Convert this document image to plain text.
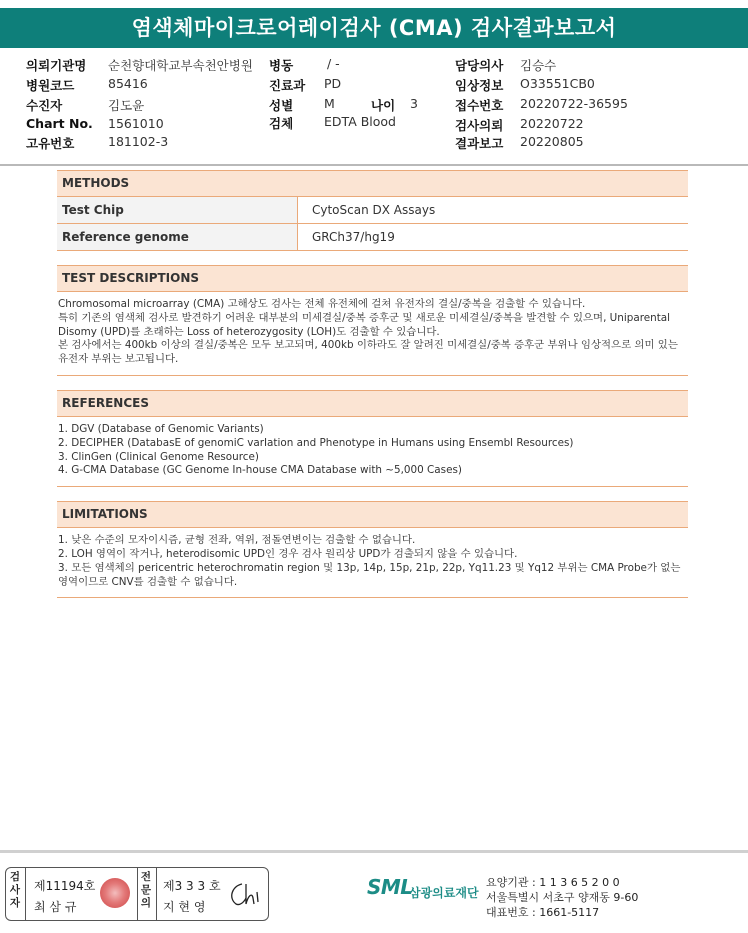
염색체마이크로어레이검사 (CMA) 검사결과보고서
의뢰기관명 순천향대학교부속천안병원
병원코드	85416
수진자	김도윤
Chart No. 1561010
고유번호	181102-3
병동	/ -
진료과 PD
성별 M	나이 3
검체 EDTA Blood
담당의사 김승수
임상정보 O33551CB0
접수번호 20220722-36595
검사의뢰 20220722
결과보고 20220805
METHODS
Test Chip	CytoScan DX Assays
Reference genome	GRCh37/hg19
TEST DESCRIPTIONS

Chromosomal microarray (CMA) 고해상도 검사는 전체 유전체에 걸쳐 유전자의 결실/중복을 검출할 수 있습니다.

특히 기존의 염색체 검사로 발견하기 어려운 대부분의 미세결실/중복 증후군 및 새로운 미세결실/중복을 발견할 수 있으며, Uniparental Disomy (UPD)를 초래하는 Loss of heterozygosity (LOH)도 검출할 수 있습니다.

본 검사에서는 400kb 이상의 결실/중복은 모두 보고되며, 400kb 이하라도 잘 알려진 미세결실/중복 증후군 부위나 임상적으로 의미 있는 유전자 부위는 보고됩니다.

REFERENCES

1. DGV (Database of Genomic Variants)

2. DECIPHER (DatabasE of genomiC varIation and Phenotype in Humans using Ensembl Resources)

3. ClinGen (Clinical Genome Resource)

4. G-CMA Database (GC Genome In-house CMA Database with ~5,000 Cases)

LIMITATIONS

1. 낮은 수준의 모자이시즘, 균형 전좌, 역위, 점돌연변이는 검출할 수 없습니다.

2. LOH 영역이 작거나, heterodisomic UPD인 경우 검사 원리상 UPD가 검출되지 않을 수 있습니다.

3. 모든 염색체의 pericentric heterochromatin region 및 13p, 14p, 15p, 21p, 22p, Yq11.23 및 Yq12 부위는 CMA Probe가 없는 영역이므로 CNV를 검출할 수 없습니다.

검사자
제11194호
최 삼 규
전문의
제3 3 3 호
지 현 영
SML
삼광의료재단
요양기관 : 1 1 3 6 5 2 0 0
서울특별시 서초구 양재동 9-60
대표번호 : 1661-5117
